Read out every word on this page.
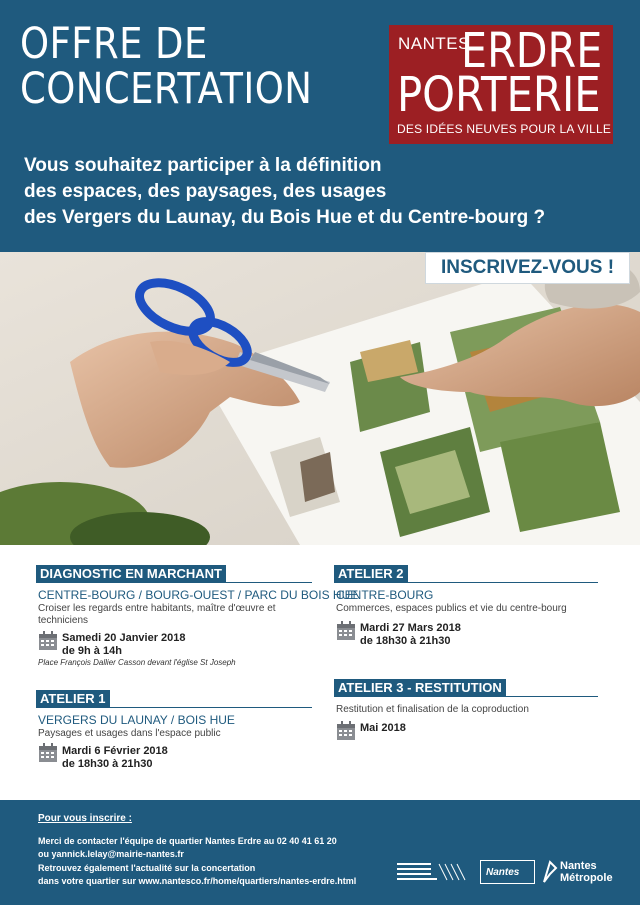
OFFRE DE
CONCERTATION
NANTES
ERDRE
PORTERIE
DES IDÉES NEUVES POUR LA VILLE
Vous souhaitez participer à la définition
des espaces, des paysages, des usages
des Vergers du Launay, du Bois Hue et du Centre-bourg ?
INSCRIVEZ-VOUS !
DIAGNOSTIC EN MARCHANT
CENTRE-BOURG / BOURG-OUEST / PARC DU BOIS HUE
Croiser les regards entre habitants, maître d'œuvre et techniciens
Samedi 20 Janvier 2018
de 9h à 14h
Place François Dallier Casson devant l'église St Joseph
ATELIER 1
VERGERS DU LAUNAY / BOIS HUE
Paysages et usages dans l'espace public
Mardi 6 Février 2018
de 18h30 à 21h30
ATELIER 2
CENTRE-BOURG
Commerces, espaces publics et vie du centre-bourg
Mardi 27 Mars 2018
de 18h30 à 21h30
ATELIER 3 - RESTITUTION
Restitution et finalisation de la coproduction
Mai 2018
Pour vous inscrire :
Merci de contacter l'équipe de quartier Nantes Erdre au 02 40 41 61 20
ou yannick.lelay@mairie-nantes.fr
Retrouvez également l'actualité sur la concertation
dans votre quartier sur www.nantesco.fr/home/quartiers/nantes-erdre.html
Nantes
Nantes
Métropole
